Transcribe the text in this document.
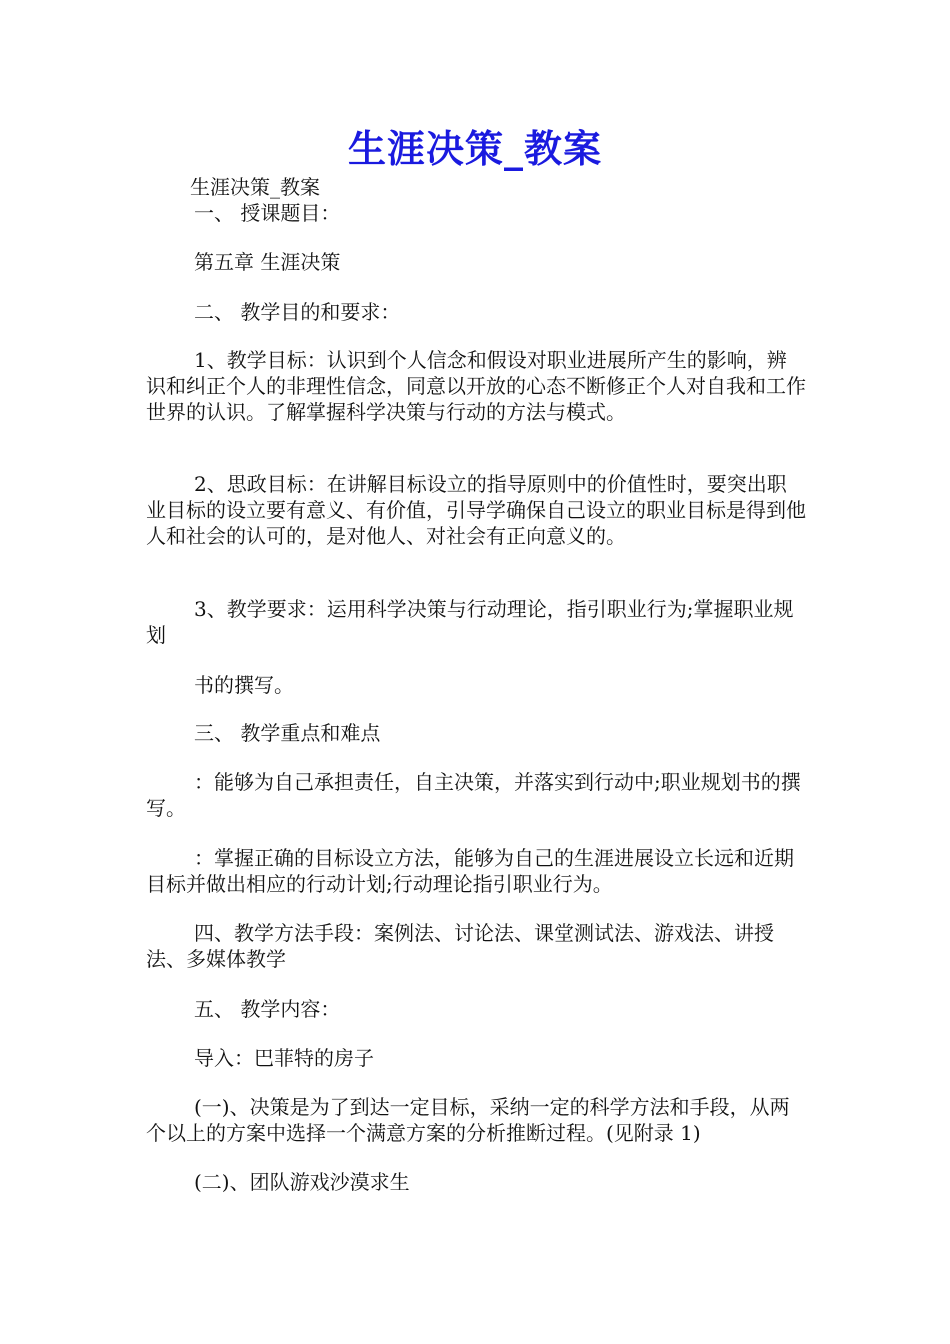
生涯决策_教案
生涯决策_教案

一、 授课题目：

第五章 生涯决策

二、 教学目的和要求：

1、教学目标：认识到个人信念和假设对职业进展所产生的影响，辨识和纠正个人的非理性信念，同意以开放的心态不断修正个人对自我和工作世界的认识。了解掌握科学决策与行动的方法与模式。

2、思政目标：在讲解目标设立的指导原则中的价值性时，要突出职业目标的设立要有意义、有价值，引导学确保自己设立的职业目标是得到他人和社会的认可的，是对他人、对社会有正向意义的。

3、教学要求：运用科学决策与行动理论，指引职业行为;掌握职业规划

书的撰写。

三、 教学重点和难点

：能够为自己承担责任，自主决策，并落实到行动中;职业规划书的撰写。

：掌握正确的目标设立方法，能够为自己的生涯进展设立长远和近期目标并做出相应的行动计划;行动理论指引职业行为。

四、教学方法手段：案例法、讨论法、课堂测试法、游戏法、讲授法、多媒体教学

五、 教学内容：

导入：巴菲特的房子

(一)、决策是为了到达一定目标，采纳一定的科学方法和手段，从两个以上的方案中选择一个满意方案的分析推断过程。(见附录 1)

(二)、团队游戏沙漠求生
